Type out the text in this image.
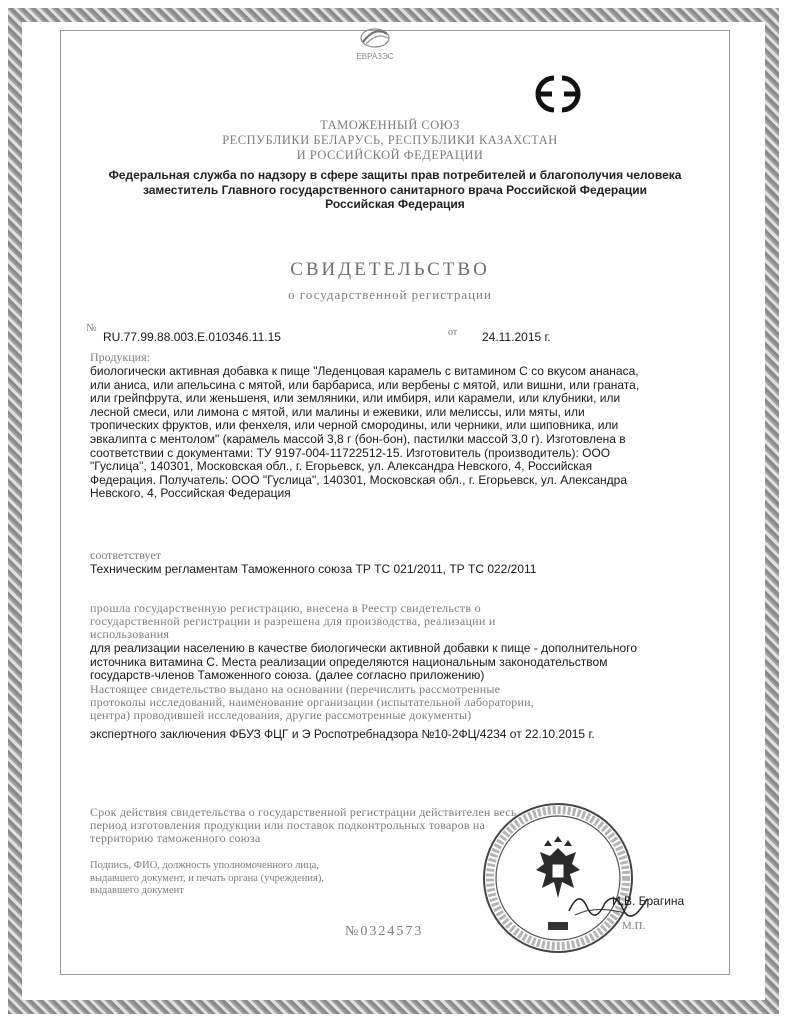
ЕВРАЗЭС
ТАМОЖЕННЫЙ СОЮЗ
РЕСПУБЛИКИ БЕЛАРУСЬ, РЕСПУБЛИКИ КАЗАХСТАН
И РОССИЙСКОЙ ФЕДЕРАЦИИ
Федеральная служба по надзору в сфере защиты прав потребителей и благополучия человека
заместитель Главного государственного санитарного врача Российской Федерации
Российская Федерация
СВИДЕТЕЛЬСТВО
о государственной регистрации
№
RU.77.99.88.003.Е.010346.11.15	от 24.11.2015 г.
Продукция:
биологически активная добавка к пище "Леденцовая карамель с витамином С со вкусом ананаса,
или аниса, или апельсина с мятой, или барбариса, или вербены с мятой, или вишни, или граната,
или грейпфрута, или женьшеня, или земляники, или имбиря, или карамели, или клубники, или
лесной смеси, или лимона с мятой, или малины и ежевики, или мелиссы, или мяты, или
тропических фруктов, или фенхеля, или черной смородины, или черники, или шиповника, или
эвкалипта с ментолом" (карамель массой 3,8 г (бон-бон), пастилки массой 3,0 г). Изготовлена в
соответствии с документами: ТУ 9197-004-11722512-15. Изготовитель (производитель): ООО
"Гуслица", 140301, Московская обл., г. Егорьевск, ул. Александра Невского, 4, Российская
Федерация. Получатель: ООО "Гуслица", 140301, Московская обл., г. Егорьевск, ул. Александра
Невского, 4, Российская Федерация
соответствует
Техническим регламентам Таможенного союза ТР ТС 021/2011, ТР ТС 022/2011
прошла государственную регистрацию, внесена в Реестр свидетельств о
государственной регистрации и разрешена для производства, реализации и
использования
для реализации населению в качестве биологически активной добавки к пище - дополнительного
источника витамина С. Места реализации определяются национальным законодательством
государств-членов Таможенного союза. (далее согласно приложению)
Настоящее свидетельство выдано на основании (перечислить рассмотренные
протоколы исследований, наименование организации (испытательной лаборатории,
центра) проводившей исследования, другие рассмотренные документы)
экспертного заключения ФБУЗ ФЦГ и Э Роспотребнадзора №10-2ФЦ/4234 от 22.10.2015 г.
Срок действия свидетельства о государственной регистрации действителен весь
период изготовления продукции или поставок подконтрольных товаров на
территорию таможенного союза
Подпись, ФИО, должность уполномоченного лица,
выдавшего документ, и печать органа (учреждения),
выдавшего документ
И.В. Брагина
М.П.
№0324573
